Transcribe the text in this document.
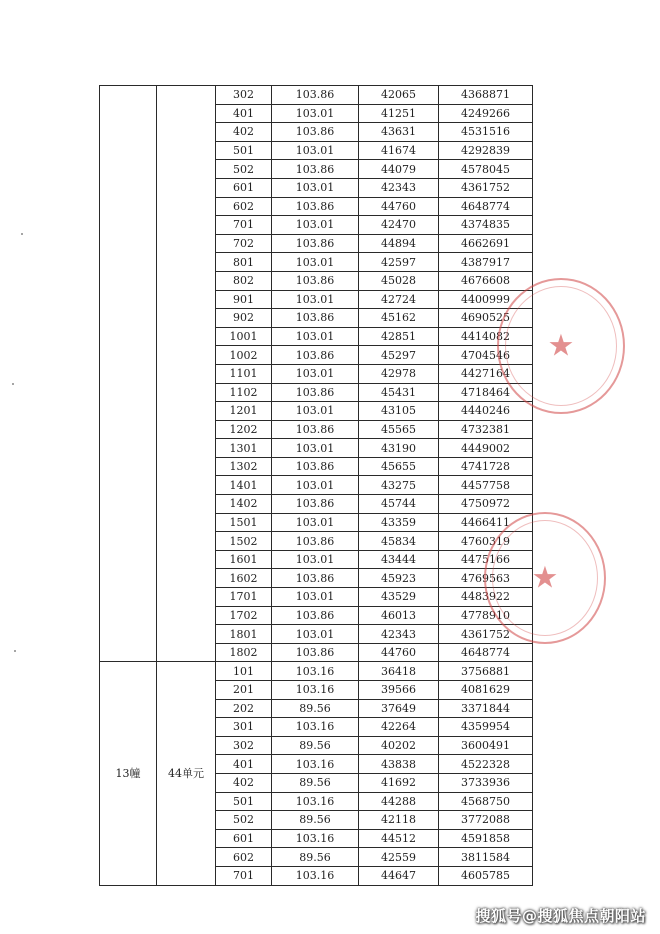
		302	103.86	42065	4368871
		401	103.01	41251	4249266
		402	103.86	43631	4531516
		501	103.01	41674	4292839
		502	103.86	44079	4578045
		601	103.01	42343	4361752
		602	103.86	44760	4648774
		701	103.01	42470	4374835
		702	103.86	44894	4662691
		801	103.01	42597	4387917
		802	103.86	45028	4676608
		901	103.01	42724	4400999
		902	103.86	45162	4690525
		1001	103.01	42851	4414082
		1002	103.86	45297	4704546
		1101	103.01	42978	4427164
		1102	103.86	45431	4718464
		1201	103.01	43105	4440246
		1202	103.86	45565	4732381
		1301	103.01	43190	4449002
		1302	103.86	45655	4741728
		1401	103.01	43275	4457758
		1402	103.86	45744	4750972
		1501	103.01	43359	4466411
		1502	103.86	45834	4760319
		1601	103.01	43444	4475166
		1602	103.86	45923	4769563
		1701	103.01	43529	4483922
		1702	103.86	46013	4778910
		1801	103.01	42343	4361752
		1802	103.86	44760	4648774
13幢	44单元	101	103.16	36418	3756881
		201	103.16	39566	4081629
		202	89.56	37649	3371844
		301	103.16	42264	4359954
		302	89.56	40202	3600491
		401	103.16	43838	4522328
		402	89.56	41692	3733936
		501	103.16	44288	4568750
		502	89.56	42118	3772088
		601	103.16	44512	4591858
		602	89.56	42559	3811584
		701	103.16	44647	4605785
★
★
搜狐号@搜狐焦点朝阳站
